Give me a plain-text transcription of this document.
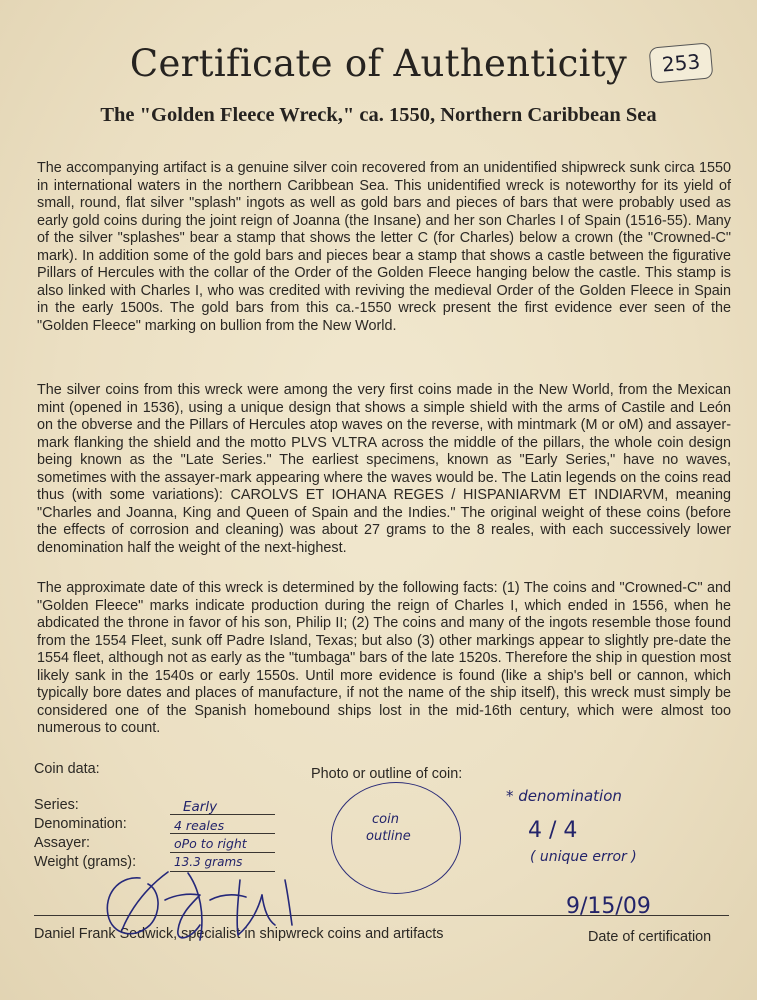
Certificate of Authenticity
The "Golden Fleece Wreck," ca. 1550, Northern Caribbean Sea
253

The accompanying artifact is a genuine silver coin recovered from an unidentified shipwreck sunk circa 1550 in international waters in the northern Caribbean Sea. This unidentified wreck is noteworthy for its yield of small, round, flat silver "splash" ingots as well as gold bars and pieces of bars that were probably used as early gold coins during the joint reign of Joanna (the Insane) and her son Charles I of Spain (1516-55). Many of the silver "splashes" bear a stamp that shows the letter C (for Charles) below a crown (the "Crowned-C" mark). In addition some of the gold bars and pieces bear a stamp that shows a castle between the figurative Pillars of Hercules with the collar of the Order of the Golden Fleece hanging below the castle. This stamp is also linked with Charles I, who was credited with reviving the medieval Order of the Golden Fleece in Spain in the early 1500s. The gold bars from this ca.-1550 wreck present the first evidence ever seen of the "Golden Fleece" marking on bullion from the New World.

The silver coins from this wreck were among the very first coins made in the New World, from the Mexican mint (opened in 1536), using a unique design that shows a simple shield with the arms of Castile and León on the obverse and the Pillars of Hercules atop waves on the reverse, with mintmark (M or oM) and assayer-mark flanking the shield and the motto PLVS VLTRA across the middle of the pillars, the whole coin design being known as the "Late Series." The earliest specimens, known as "Early Series," have no waves, sometimes with the assayer-mark appearing where the waves would be. The Latin legends on the coins read thus (with some variations): CAROLVS ET IOHANA REGES / HISPANIARVM ET INDIARVM, meaning "Charles and Joanna, King and Queen of Spain and the Indies." The original weight of these coins (before the effects of corrosion and cleaning) was about 27 grams to the 8 reales, with each successively lower denomination half the weight of the next-highest.

The approximate date of this wreck is determined by the following facts: (1) The coins and "Crowned-C" and "Golden Fleece" marks indicate production during the reign of Charles I, which ended in 1556, when he abdicated the throne in favor of his son, Philip II; (2) The coins and many of the ingots resemble those found from the 1554 Fleet, sunk off Padre Island, Texas; but also (3) other markings appear to slightly pre-date the 1554 fleet, although not as early as the "tumbaga" bars of the late 1520s. Therefore the ship in question most likely sank in the 1540s or early 1550s. Until more evidence is found (like a ship's bell or cannon, which typically bore dates and places of manufacture, if not the name of the ship itself), this wreck must simply be considered one of the Spanish homebound ships lost in the mid-16th century, which were almost too numerous to count.

Coin data:

Series:

Denomination:

Assayer:

Weight (grams):

Early

4 reales

oPo to right

13.3 grams

Photo or outline of coin:

coin

outline

* denomination

4 / 4

( unique error )

Daniel Frank Sedwick, specialist in shipwreck coins and artifacts	Date of certification

9/15/09
